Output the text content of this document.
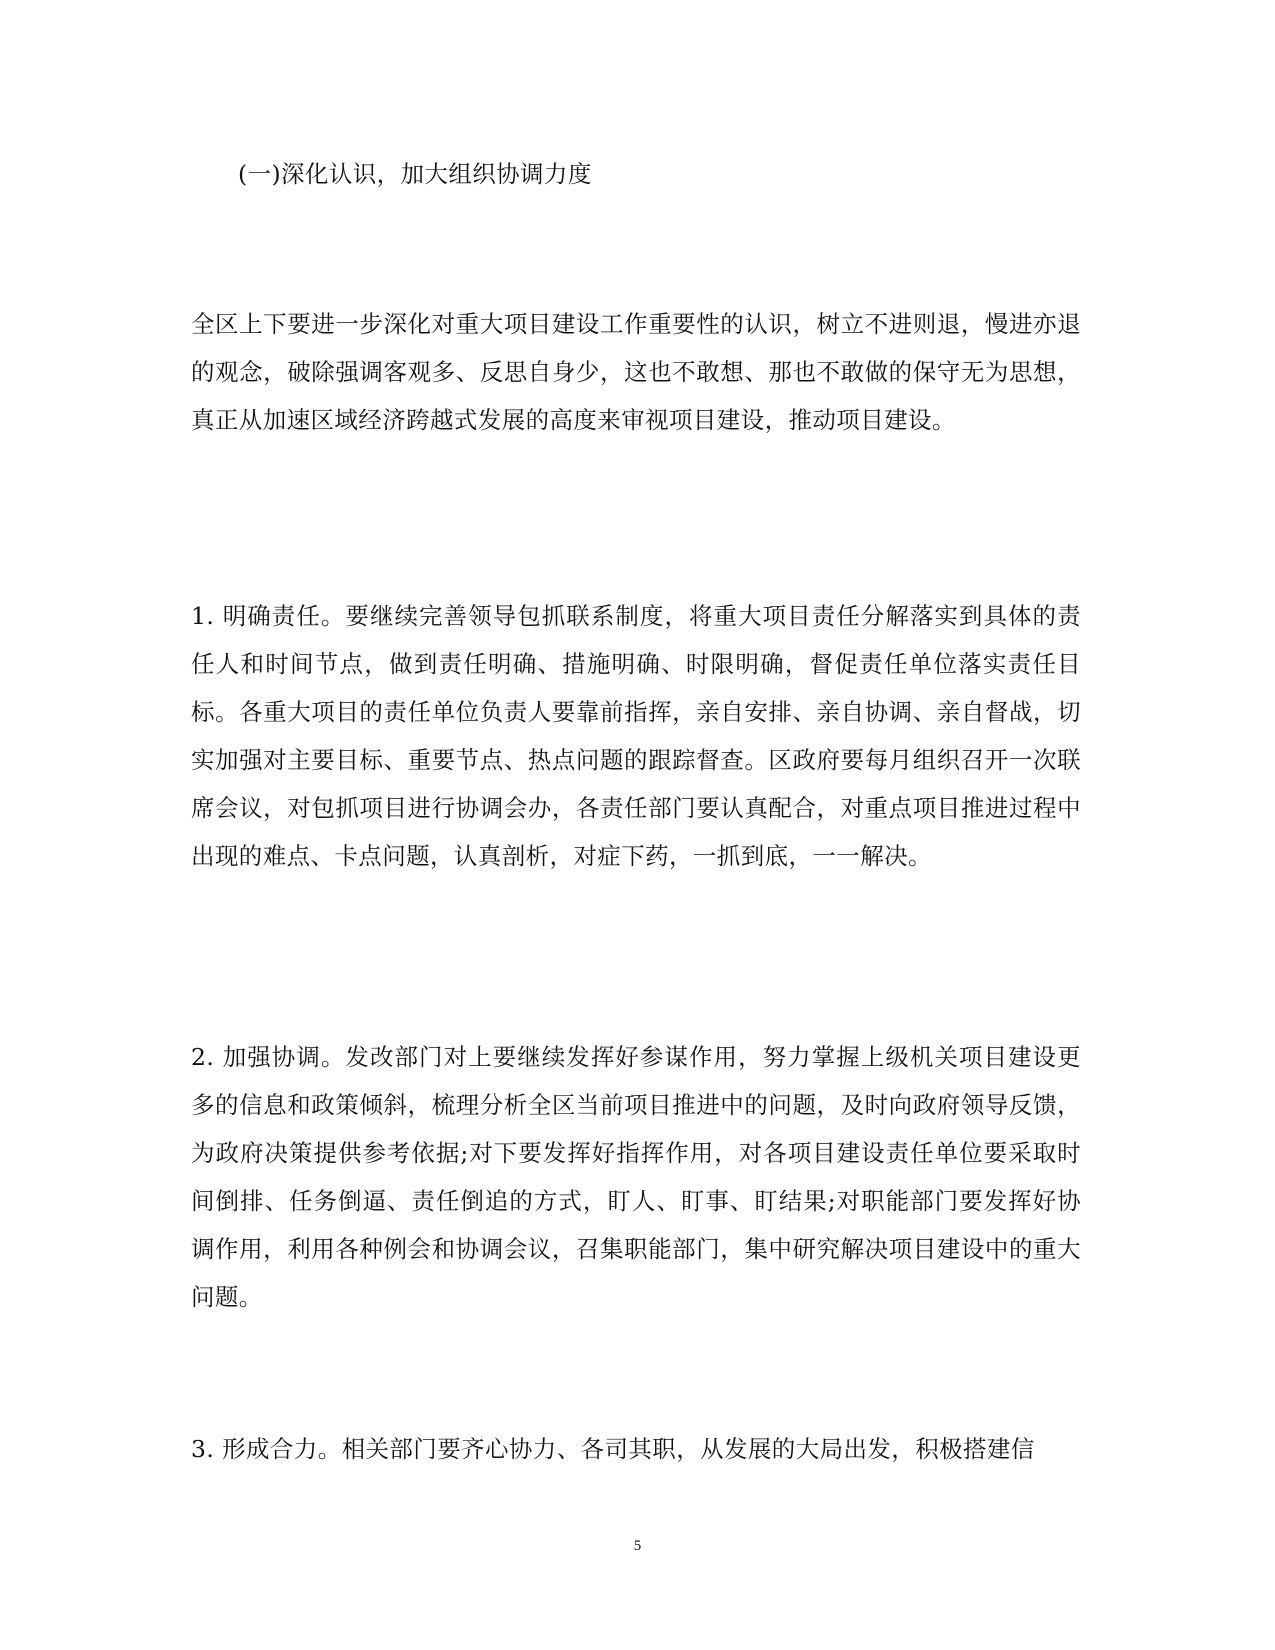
(一)深化认识，加大组织协调力度

全区上下要进一步深化对重大项目建设工作重要性的认识，树立不进则退，慢进亦退的观念，破除强调客观多、反思自身少，这也不敢想、那也不敢做的保守无为思想，真正从加速区域经济跨越式发展的高度来审视项目建设，推动项目建设。

1. 明确责任。要继续完善领导包抓联系制度，将重大项目责任分解落实到具体的责任人和时间节点，做到责任明确、措施明确、时限明确，督促责任单位落实责任目标。各重大项目的责任单位负责人要靠前指挥，亲自安排、亲自协调、亲自督战，切实加强对主要目标、重要节点、热点问题的跟踪督查。区政府要每月组织召开一次联席会议，对包抓项目进行协调会办，各责任部门要认真配合，对重点项目推进过程中出现的难点、卡点问题，认真剖析，对症下药，一抓到底，一一解决。

2. 加强协调。发改部门对上要继续发挥好参谋作用，努力掌握上级机关项目建设更多的信息和政策倾斜，梳理分析全区当前项目推进中的问题，及时向政府领导反馈，为政府决策提供参考依据;对下要发挥好指挥作用，对各项目建设责任单位要采取时间倒排、任务倒逼、责任倒追的方式，盯人、盯事、盯结果;对职能部门要发挥好协调作用，利用各种例会和协调会议，召集职能部门，集中研究解决项目建设中的重大问题。

3. 形成合力。相关部门要齐心协力、各司其职，从发展的大局出发，积极搭建信

5
